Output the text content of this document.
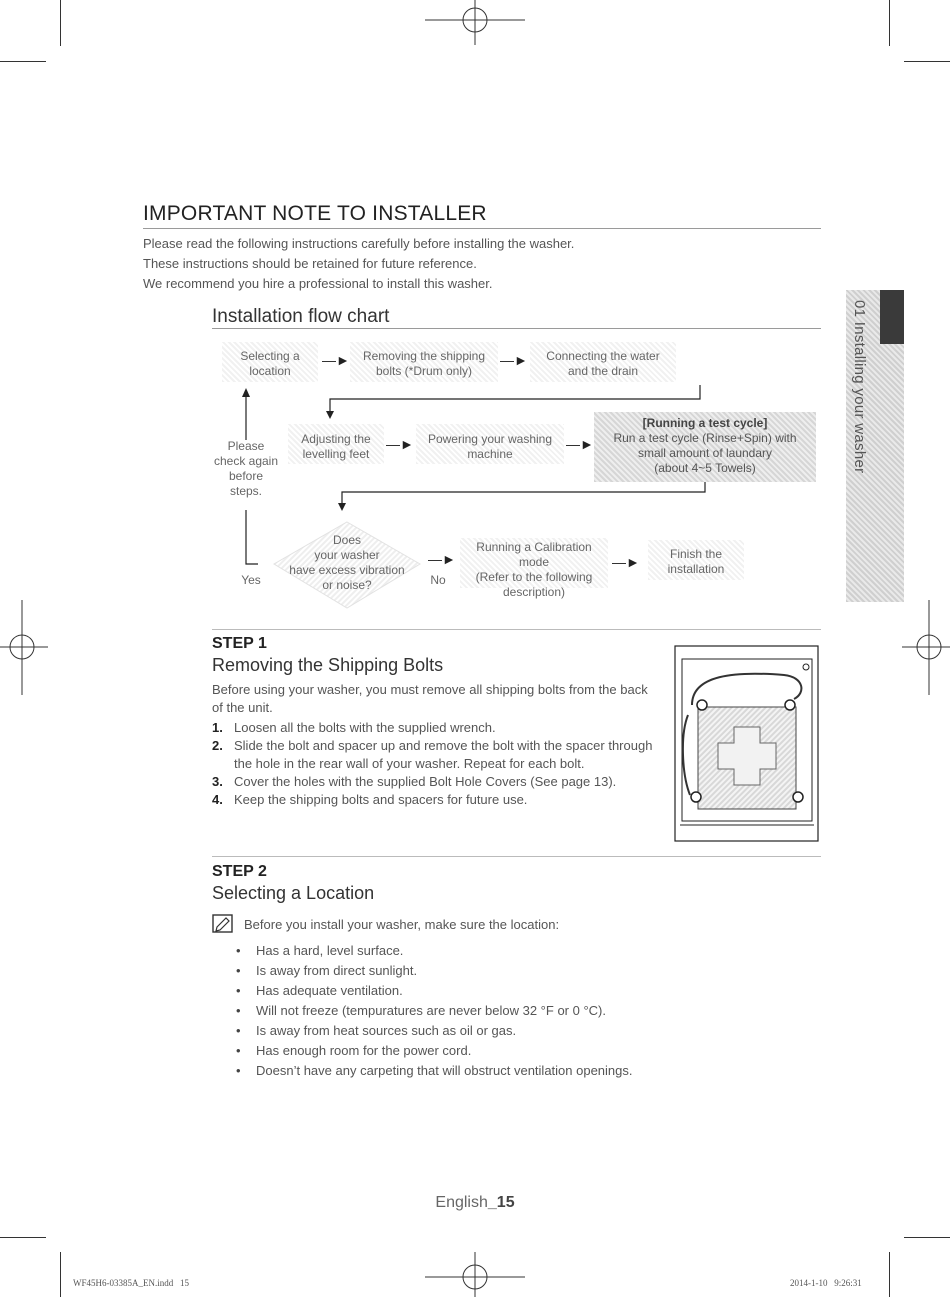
01 Installing your washer
IMPORTANT NOTE TO INSTALLER

Please read the following instructions carefully before installing the washer.

These instructions should be retained for future reference.

We recommend you hire a professional to install this washer.

Installation flow chart
Selecting a
location
—►	Removing the shipping
bolts (*Drum only)
—►	Connecting the water
and the drain
Please
check again
before
steps.
Adjusting the
levelling feet
—►	Powering your washing
machine
—►
[Running a test cycle]
Run a test cycle (Rinse+Spin) with
small amount of laundary
(about 4~5 Towels)
Does
your washer
have excess vibration
or noise?
Yes
—►
No
Running a Calibration mode
(Refer to the following
description)
—►	Finish the
installation
STEP 1
Removing the Shipping Bolts
Before using your washer, you must remove all shipping bolts from the back of the unit.
1. Loosen all the bolts with the supplied wrench.
2. Slide the bolt and spacer up and remove the bolt with the spacer through the hole in the rear wall of your washer. Repeat for each bolt.
3. Cover the holes with the supplied Bolt Hole Covers (See page 13).
4. Keep the shipping bolts and spacers for future use.
STEP 2
Selecting a Location
Before you install your washer, make sure the location:
• Has a hard, level surface.
• Is away from direct sunlight.
• Has adequate ventilation.
• Will not freeze (tempuratures are never below 32 °F or 0 °C).
• Is away from heat sources such as oil or gas.
• Has enough room for the power cord.
• Doesn’t have any carpeting that will obstruct ventilation openings.
English_15
WF45H6-03385A_EN.indd   15	2014-1-10   9:26:31
